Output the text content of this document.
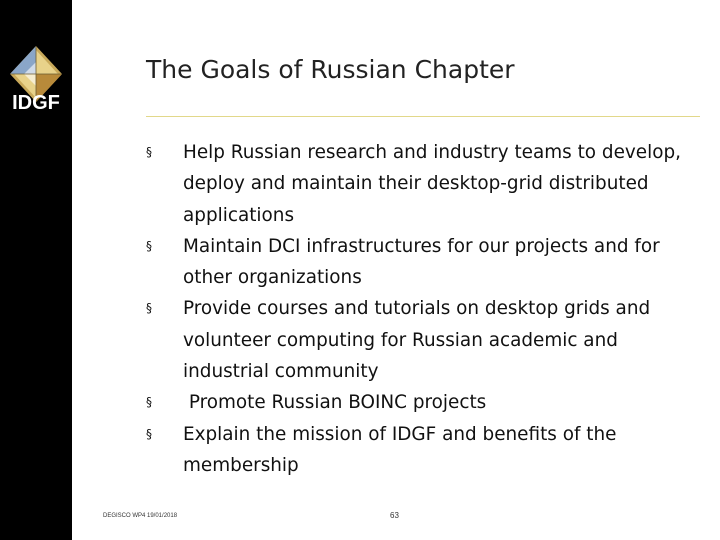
IDGF
The Goals of Russian Chapter
§ Help Russian research and industry teams to develop,
deploy and maintain their desktop-grid distributed
applications
§ Maintain DCI infrastructures for our projects and for
other organizations
§ Provide courses and tutorials on desktop grids and
volunteer computing for Russian academic and
industrial community
§ Promote Russian BOINC projects
§ Explain the mission of IDGF and benefits of the
membership
DEGISCO WP4 19/01/2018	63
